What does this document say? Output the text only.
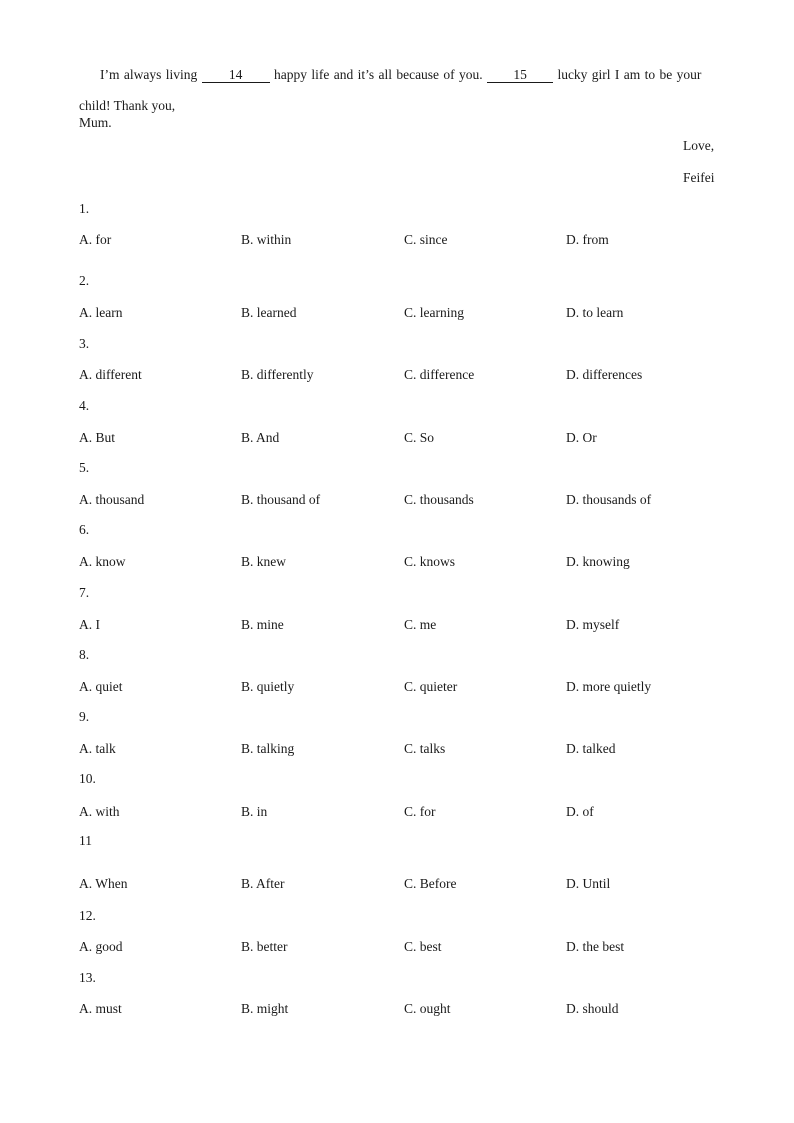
I’m always living 14 happy life and it’s all because of you. 15 lucky girl I am to be your
child! Thank you,
Mum.
Love,
Feifei
1.
A. for	B. within	C. since	D. from
2.
A. learn	B. learned	C. learning	D. to learn
3.
A. different	B. differently	C. difference	D. differences
4.
A. But	B. And	C. So	D. Or
5.
A. thousand	B. thousand of	C. thousands	D. thousands of
6.
A. know	B. knew	C. knows	D. knowing
7.
A. I	B. mine	C. me	D. myself
8.
A. quiet	B. quietly	C. quieter	D. more quietly
9.
A. talk	B. talking	C. talks	D. talked
10.
A. with	B. in	C. for	D. of
11
A. When	B. After	C. Before	D. Until
12.
A. good	B. better	C. best	D. the best
13.
A. must	B. might	C. ought	D. should
